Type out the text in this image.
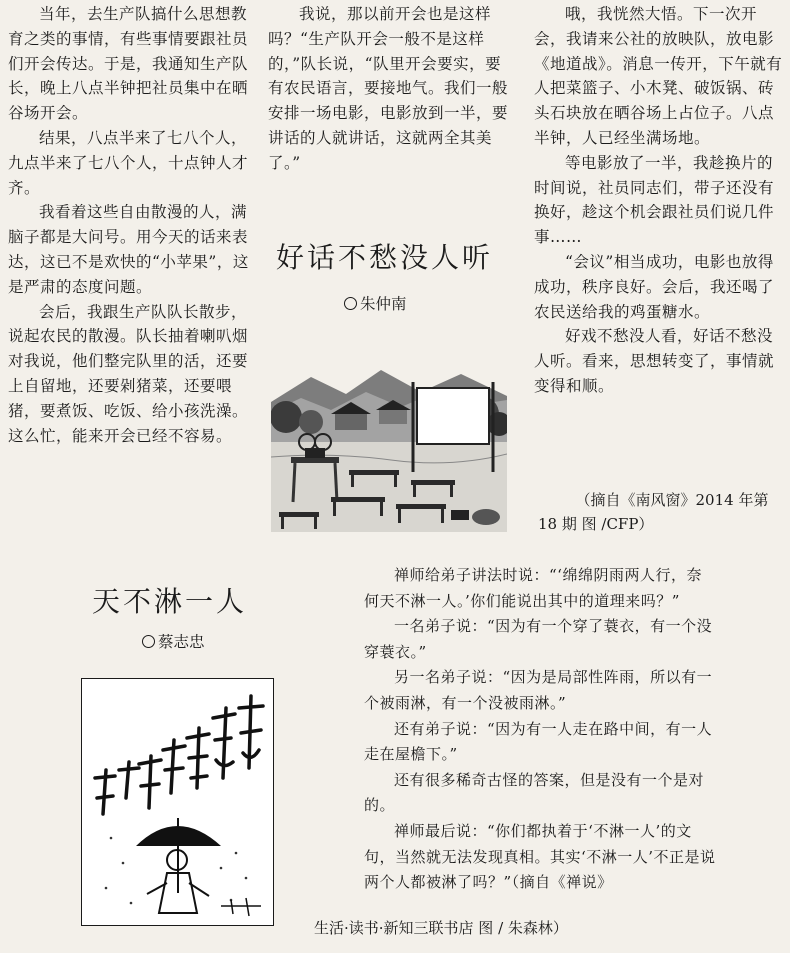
当年，去生产队搞什么思想教育之类的事情，有些事情要跟社员们开会传达。于是，我通知生产队长，晚上八点半钟把社员集中在晒谷场开会。

结果，八点半来了七八个人，九点半来了七八个人，十点钟人才齐。

我看着这些自由散漫的人，满脑子都是大问号。用今天的话来表达，这已不是欢快的“小苹果”，这是严肃的态度问题。

会后，我跟生产队队长散步，说起农民的散漫。队长抽着喇叭烟对我说，他们整完队里的活，还要上自留地，还要剁猪菜，还要喂猪，要煮饭、吃饭、给小孩洗澡。这么忙，能来开会已经不容易。

我说，那以前开会也是这样吗？“生产队开会一般不是这样的，”队长说，“队里开会要实，要有农民语言，要接地气。我们一般安排一场电影，电影放到一半，要讲话的人就讲话，这就两全其美了。”

好话不愁没人听
朱仲南

哦，我恍然大悟。下一次开会，我请来公社的放映队，放电影《地道战》。消息一传开，下午就有人把菜篮子、小木凳、破饭锅、砖头石块放在晒谷场上占位子。八点半钟，人已经坐满场地。

等电影放了一半，我趁换片的时间说，社员同志们，带子还没有换好，趁这个机会跟社员们说几件事……

“会议”相当成功，电影也放得成功，秩序良好。会后，我还喝了农民送给我的鸡蛋糖水。

好戏不愁没人看，好话不愁没人听。看来，思想转变了，事情就变得和顺。

（摘自《南风窗》2014 年第 18 期 图 /CFP）
天不淋一人
蔡志忠

禅师给弟子讲法时说：“‘绵绵阴雨两人行，奈何天不淋一人。’你们能说出其中的道理来吗？”

一名弟子说：“因为有一个穿了蓑衣，有一个没穿蓑衣。”

另一名弟子说：“因为是局部性阵雨，所以有一个被雨淋，有一个没被雨淋。”

还有弟子说：“因为有一人走在路中间，有一人走在屋檐下。”

还有很多稀奇古怪的答案，但是没有一个是对的。

禅师最后说：“你们都执着于‘不淋一人’的文句，当然就无法发现真相。其实‘不淋一人’不正是说两个人都被淋了吗？”（摘自《禅说》

生活·读书·新知三联书店 图 / 朱森林）
